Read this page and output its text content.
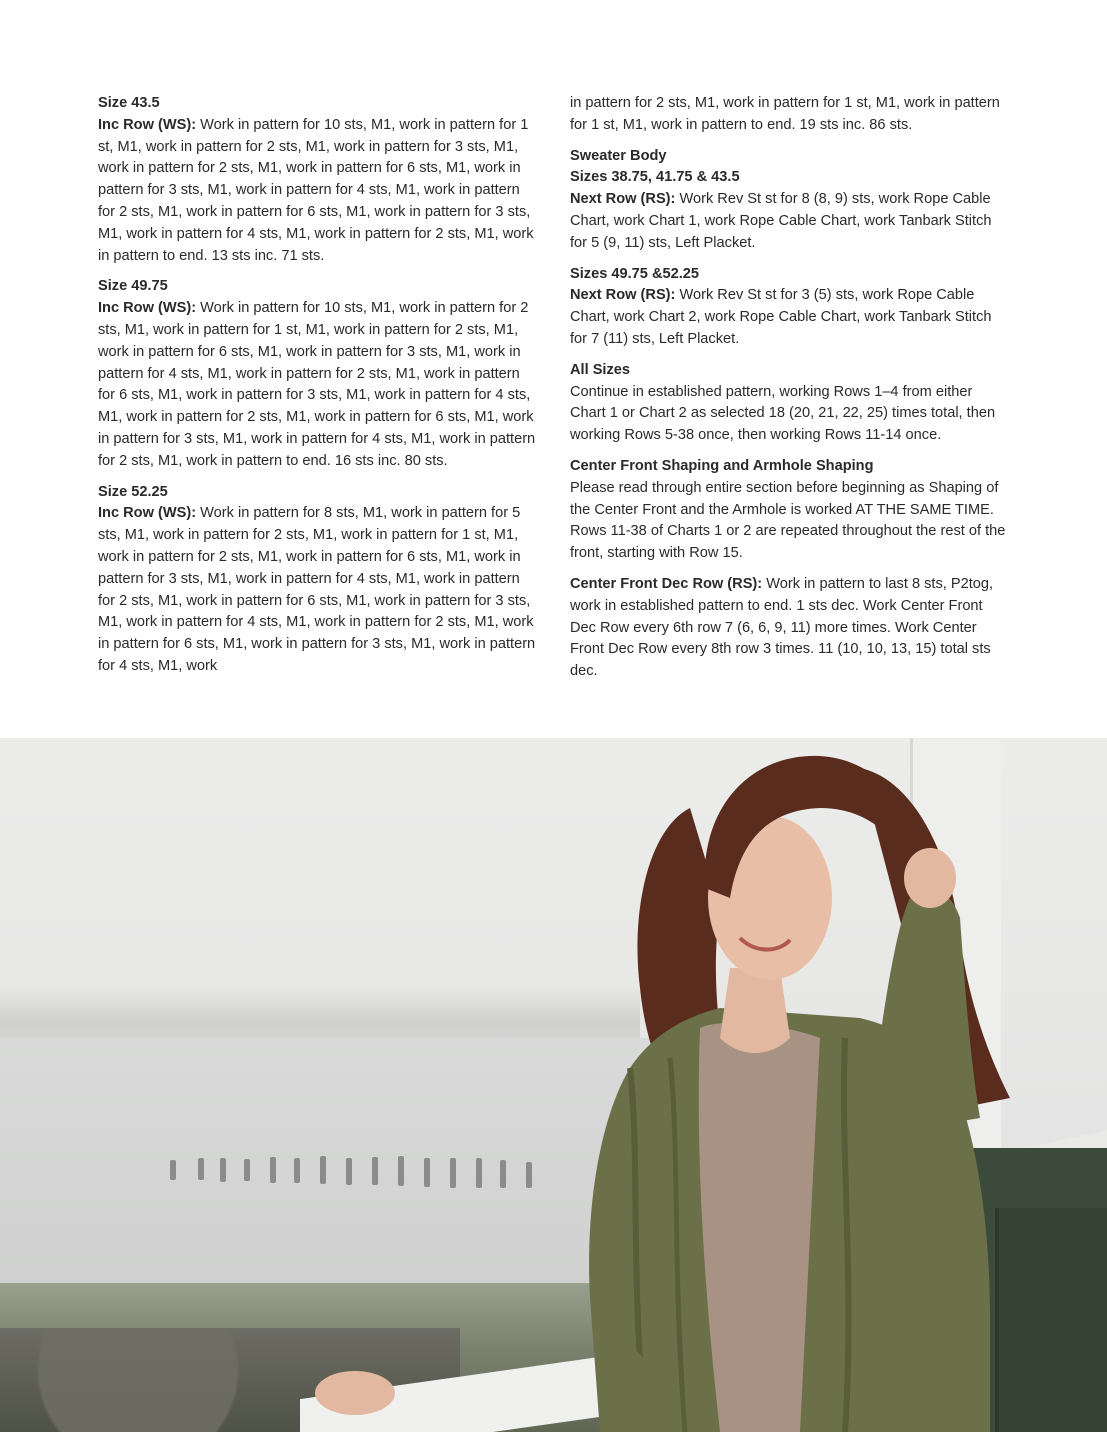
Size 43.5

Inc Row (WS): Work in pattern for 10 sts, M1, work in pattern for 1 st, M1, work in pattern for 2 sts, M1, work in pattern for 3 sts, M1, work in pattern for 2 sts, M1, work in pattern for 6 sts, M1, work in pattern for 3 sts, M1, work in pattern for 4 sts, M1, work in pattern for 2 sts, M1, work in pattern for 6 sts, M1, work in pattern for 3 sts, M1, work in pattern for 4 sts, M1, work in pattern for 2 sts, M1, work in pattern to end. 13 sts inc. 71 sts.

Size 49.75

Inc Row (WS): Work in pattern for 10 sts, M1, work in pattern for 2 sts, M1, work in pattern for 1 st, M1, work in pattern for 2 sts, M1, work in pattern for 6 sts, M1, work in pattern for 3 sts, M1, work in pattern for 4 sts, M1, work in pattern for 2 sts, M1, work in pattern for 6 sts, M1, work in pattern for 3 sts, M1, work in pattern for 4 sts, M1, work in pattern for 2 sts, M1, work in pattern for 6 sts, M1, work in pattern for 3 sts, M1, work in pattern for 4 sts, M1, work in pattern for 2 sts, M1, work in pattern to end. 16 sts inc. 80 sts.

Size 52.25

Inc Row (WS): Work in pattern for 8 sts, M1, work in pattern for 5 sts, M1, work in pattern for 2 sts, M1, work in pattern for 1 st, M1, work in pattern for 2 sts, M1, work in pattern for 6 sts, M1, work in pattern for 3 sts, M1, work in pattern for 4 sts, M1, work in pattern for 2 sts, M1, work in pattern for 6 sts, M1, work in pattern for 3 sts, M1, work in pattern for 4 sts, M1, work in pattern for 2 sts, M1, work in pattern for 6 sts, M1, work in pattern for 3 sts, M1, work in pattern for 4 sts, M1, work

in pattern for 2 sts, M1, work in pattern for 1 st, M1, work in pattern for 1 st, M1, work in pattern to end. 19 sts inc. 86 sts.

Sweater Body
Sizes 38.75, 41.75 & 43.5

Next Row (RS): Work Rev St st for 8 (8, 9) sts, work Rope Cable Chart, work Chart 1, work Rope Cable Chart, work Tanbark Stitch for 5 (9, 11) sts, Left Placket.

Sizes 49.75 &52.25

Next Row (RS): Work Rev St st for 3 (5) sts, work Rope Cable Chart, work Chart 2, work Rope Cable Chart, work Tanbark Stitch for 7 (11) sts, Left Placket.

All Sizes

Continue in established pattern, working Rows 1–4 from either Chart 1 or Chart 2 as selected 18 (20, 21, 22, 25) times total, then working Rows 5-38 once, then working Rows 11-14 once.

Center Front Shaping and Armhole Shaping

Please read through entire section before beginning as Shaping of the Center Front and the Armhole is worked AT THE SAME TIME. Rows 11-38 of Charts 1 or 2 are repeated throughout the rest of the front, starting with Row 15.

Center Front Dec Row (RS): Work in pattern to last 8 sts, P2tog, work in established pattern to end. 1 sts dec. Work Center Front Dec Row every 6th row 7 (6, 6, 9, 11) more times. Work Center Front Dec Row every 8th row 3 times. 11 (10, 10, 13, 15) total sts dec.
